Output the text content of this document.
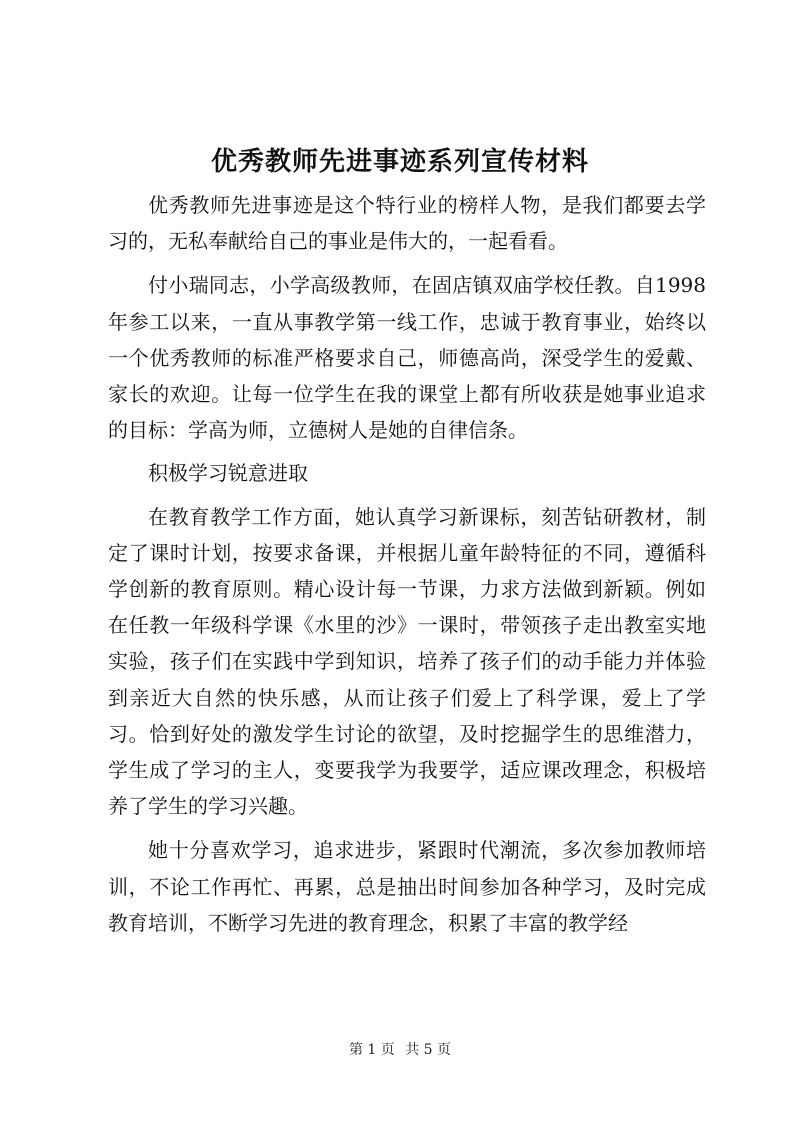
优秀教师先进事迹系列宣传材料

优秀教师先进事迹是这个特行业的榜样人物，是我们都要去学习的，无私奉献给自己的事业是伟大的，一起看看。

付小瑞同志，小学高级教师，在固店镇双庙学校任教。自1998年参工以来，一直从事教学第一线工作，忠诚于教育事业，始终以一个优秀教师的标准严格要求自己，师德高尚，深受学生的爱戴、家长的欢迎。让每一位学生在我的课堂上都有所收获是她事业追求的目标：学高为师，立德树人是她的自律信条。

积极学习锐意进取

在教育教学工作方面，她认真学习新课标，刻苦钻研教材，制定了课时计划，按要求备课，并根据儿童年龄特征的不同，遵循科学创新的教育原则。精心设计每一节课，力求方法做到新颖。例如在任教一年级科学课《水里的沙》一课时，带领孩子走出教室实地实验，孩子们在实践中学到知识，培养了孩子们的动手能力并体验到亲近大自然的快乐感，从而让孩子们爱上了科学课，爱上了学习。恰到好处的激发学生讨论的欲望，及时挖掘学生的思维潜力，学生成了学习的主人，变要我学为我要学，适应课改理念，积极培养了学生的学习兴趣。

她十分喜欢学习，追求进步，紧跟时代潮流，多次参加教师培训，不论工作再忙、再累，总是抽出时间参加各种学习，及时完成教育培训，不断学习先进的教育理念，积累了丰富的教学经

第 1 页 共 5 页
